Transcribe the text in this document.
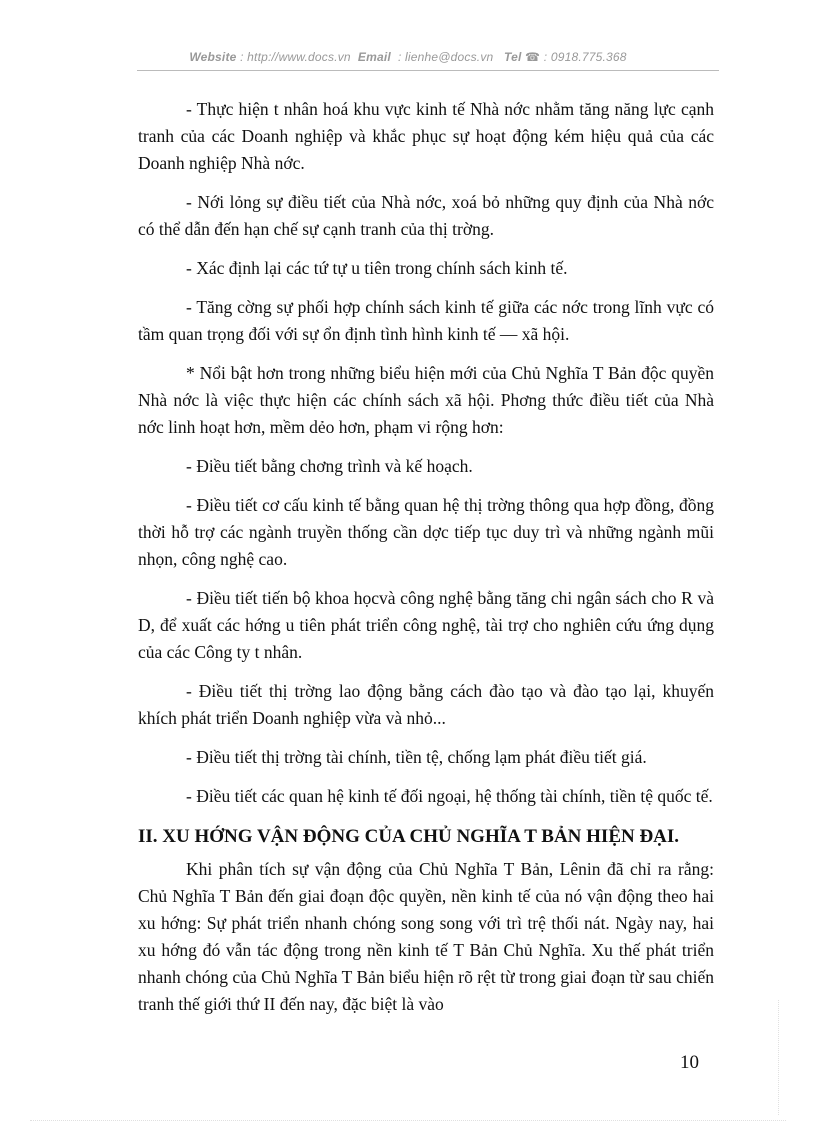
Website : http://www.docs.vn Email : lienhe@docs.vn Tel ☎ : 0918.775.368

- Thực hiện t nhân hoá khu vực kinh tế Nhà nớc nhằm tăng năng lực cạnh tranh của các Doanh nghiệp và khắc phục sự hoạt động kém hiệu quả của các Doanh nghiệp Nhà nớc.

- Nới lỏng sự điều tiết của Nhà nớc, xoá bỏ những quy định của Nhà nớc có thể dẫn đến hạn chế sự cạnh tranh của thị trờng.

- Xác định lại các tứ tự u tiên trong chính sách kinh tế.

- Tăng cờng sự phối hợp chính sách kinh tế giữa các nớc trong lĩnh vực có tầm quan trọng đối với sự ổn định tình hình kinh tế — xã hội.

* Nổi bật hơn trong những biểu hiện mới của Chủ Nghĩa T Bản độc quyền Nhà nớc là việc thực hiện các chính sách xã hội. Phơng thức điều tiết của Nhà nớc linh hoạt hơn, mềm dẻo hơn, phạm vi rộng hơn:

- Điều tiết bằng chơng trình và kế hoạch.

- Điều tiết cơ cấu kinh tế bằng quan hệ thị trờng thông qua hợp đồng, đồng thời hỗ trợ các ngành truyền thống cần dợc tiếp tục duy trì và những ngành mũi nhọn, công nghệ cao.

- Điều tiết tiến bộ khoa họcvà công nghệ bằng tăng chi ngân sách cho R và D, để xuất các hớng u tiên phát triển công nghệ, tài trợ cho nghiên cứu ứng dụng của các Công ty t nhân.

- Điều tiết thị trờng lao động bằng cách đào tạo và đào tạo lại, khuyến khích phát triển Doanh nghiệp vừa và nhỏ...

- Điều tiết thị trờng tài chính, tiền tệ, chống lạm phát điều tiết giá.

- Điều tiết các quan hệ kinh tế đối ngoại, hệ thống tài chính, tiền tệ quốc tế.

II. XU HỚNG VẬN ĐỘNG CỦA CHỦ NGHĨA T BẢN HIỆN ĐẠI.

Khi phân tích sự vận động của Chủ Nghĩa T Bản, Lênin đã chỉ ra rằng: Chủ Nghĩa T Bản đến giai đoạn độc quyền, nền kinh tế của nó vận động theo hai xu hớng: Sự phát triển nhanh chóng song song với trì trệ thối nát. Ngày nay, hai xu hớng đó vẫn tác động trong nền kinh tế T Bản Chủ Nghĩa. Xu thế phát triển nhanh chóng của Chủ Nghĩa T Bản biểu hiện rõ rệt từ trong giai đoạn từ sau chiến tranh thế giới thứ II đến nay, đặc biệt là vào

10
